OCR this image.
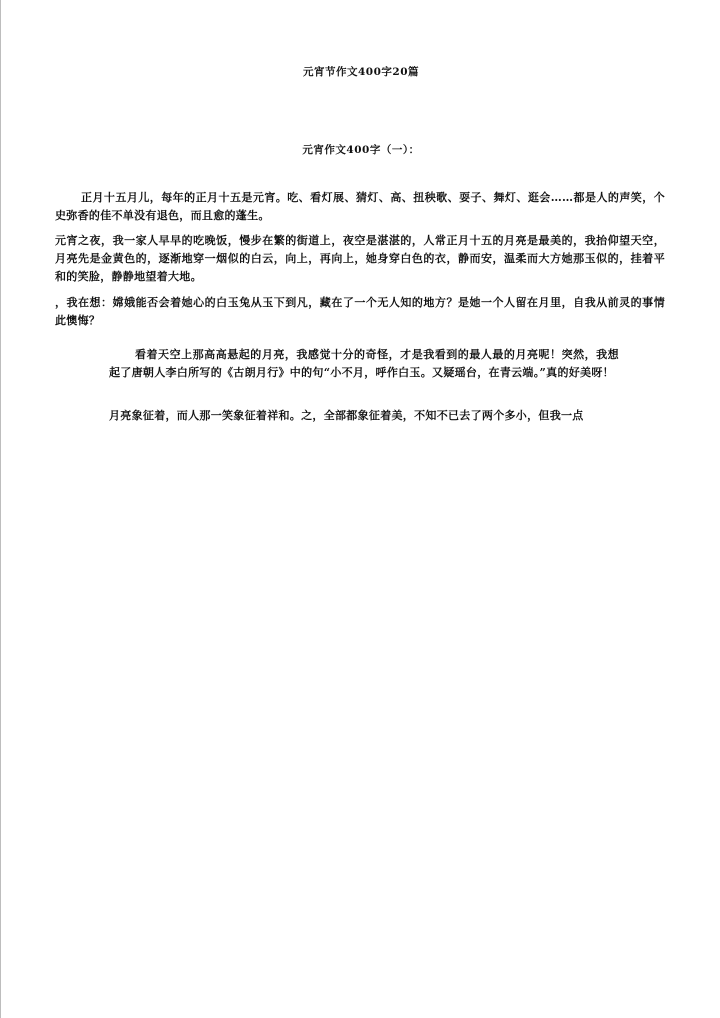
元宵节作文400字20篇
元宵作文400字（一）：

正月十五月儿，每年的正月十五是元宵。吃、看灯展、猜灯、高、扭秧歌、耍子、舞灯、逛会……都是人的声笑，个史弥香的佳不单没有退色，而且愈的蓬生。

元宵之夜，我一家人早早的吃晚饭，慢步在繁的街道上，夜空是湛湛的，人常正月十五的月亮是最美的，我抬仰望天空，月亮先是金黄色的，逐渐地穿一烟似的白云，向上，再向上，她身穿白色的衣，静而安，温柔而大方她那玉似的，挂着平和的笑脸，静静地望着大地。

，我在想：嫦娥能否会着她心的白玉兔从玉下到凡，藏在了一个无人知的地方？是她一个人留在月里，自我从前灵的事情此懊悔？

看着天空上那高高悬起的月亮，我感觉十分的奇怪，才是我看到的最人最的月亮呢！突然，我想起了唐朝人李白所写的《古朗月行》中的句“小不月，呼作白玉。又疑瑶台，在青云端。”真的好美呀！

月亮象征着，而人那一笑象征着祥和。之，全部都象征着美，不知不已去了两个多小，但我一点
